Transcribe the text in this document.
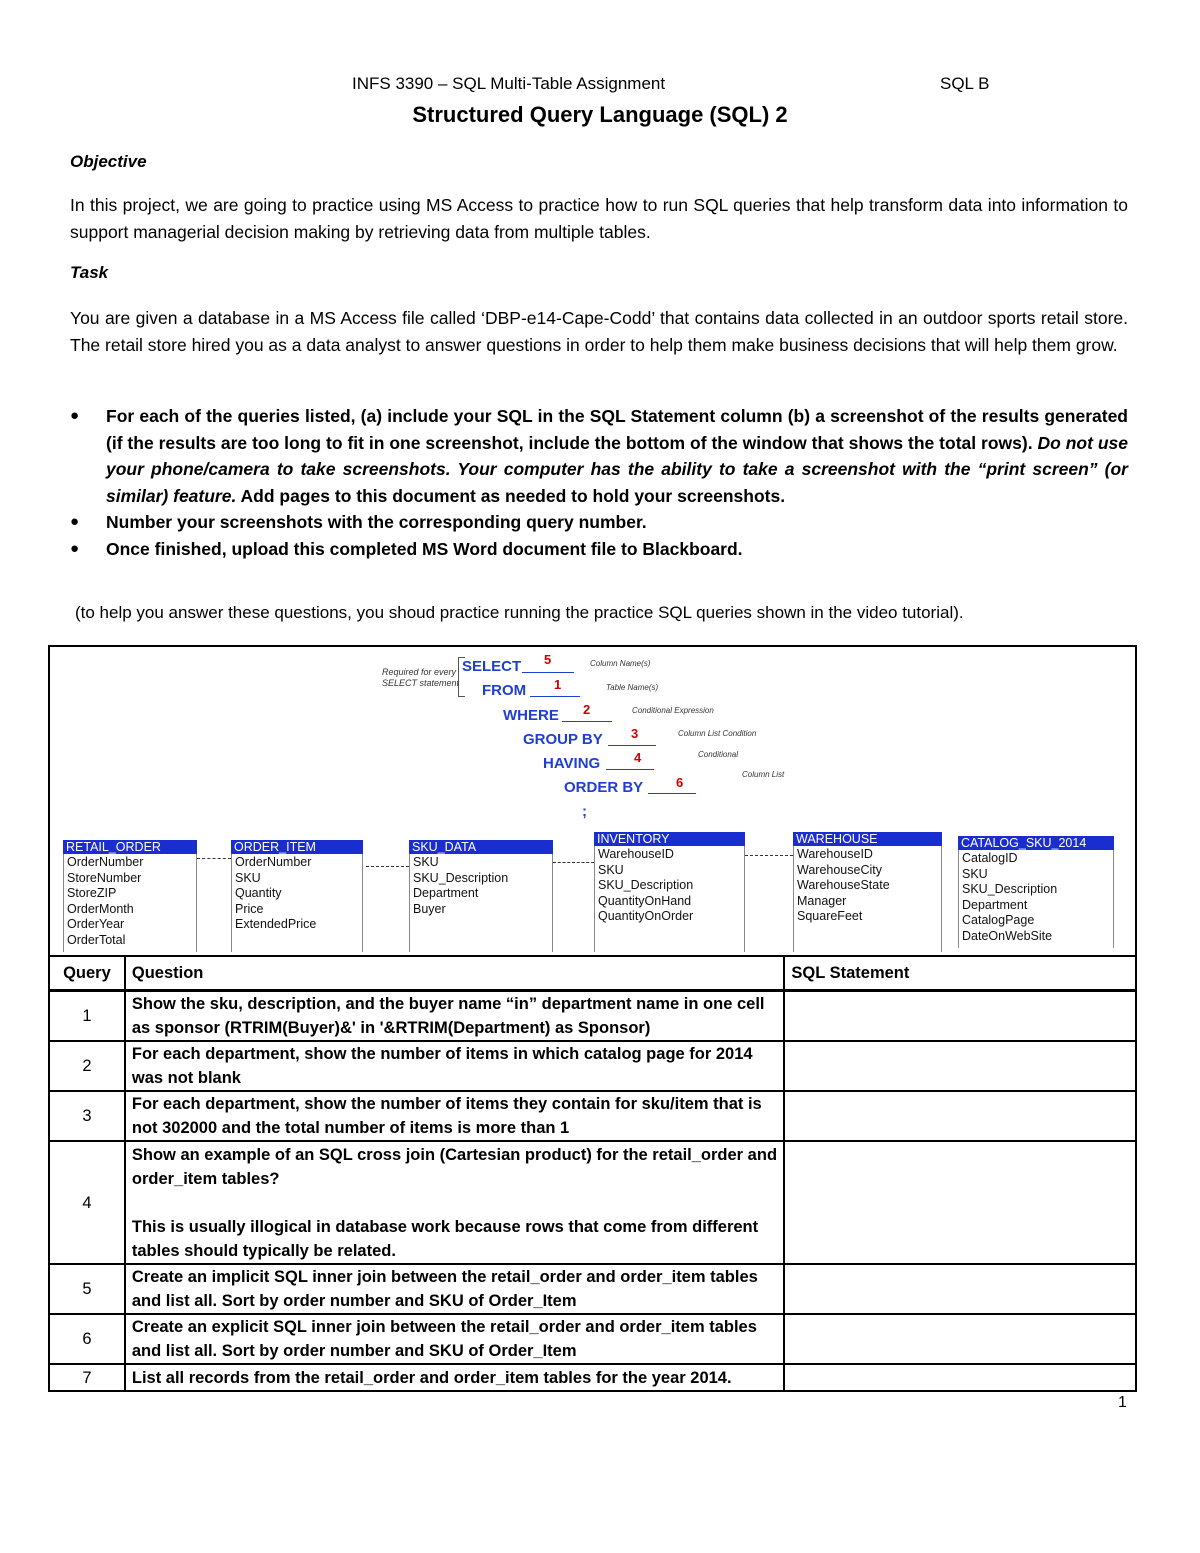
INFS 3390 – SQL Multi-Table Assignment	SQL B
Structured Query Language (SQL) 2
Objective
In this project, we are going to practice using MS Access to practice how to run SQL queries that help transform data into information to support managerial decision making by retrieving data from multiple tables.
Task
You are given a database in a MS Access file called ‘DBP-e14-Cape-Codd’ that contains data collected in an outdoor sports retail store. The retail store hired you as a data analyst to answer questions in order to help them make business decisions that will help them grow.
● For each of the queries listed, (a) include your SQL in the SQL Statement column (b) a screenshot of the results generated (if the results are too long to fit in one screenshot, include the bottom of the window that shows the total rows). Do not use your phone/camera to take screenshots. Your computer has the ability to take a screenshot with the “print screen” (or similar) feature. Add pages to this document as needed to hold your screenshots.
● Number your screenshots with the corresponding query number.
● Once finished, upload this completed MS Word document file to Blackboard.
(to help you answer these questions, you shoud practice running the practice SQL queries shown in the video tutorial).
Required for every
SELECT statement
SELECT 5	Column Name(s)
FROM 1	Table Name(s)
WHERE 2	Conditional Expression
GROUP BY 3	Column List Condition
HAVING	4	Conditional
ORDER BY	6
Column List
;
RETAIL_ORDER
OrderNumber
StoreNumber
StoreZIP
OrderMonth
OrderYear
OrderTotal
ORDER_ITEM
OrderNumber
SKU
Quantity
Price
ExtendedPrice
SKU_DATA
SKU
SKU_Description
Department
Buyer
INVENTORY
WarehouseID
SKU
SKU_Description
QuantityOnHand
QuantityOnOrder
WAREHOUSE
WarehouseID
WarehouseCity
WarehouseState
Manager
SquareFeet
CATALOG_SKU_2014
CatalogID
SKU
SKU_Description
Department
CatalogPage
DateOnWebSite
Query	Question	SQL Statement
1	Show the sku, description, and the buyer name “in” department name in one cell as sponsor (RTRIM(Buyer)&' in '&RTRIM(Department) as Sponsor)	
2	For each department, show the number of items in which catalog page for 2014 was not blank	
3	For each department, show the number of items they contain for sku/item that is not 302000 and the total number of items is more than 1	
4	Show an example of an SQL cross join (Cartesian product) for the retail_order and order_item tables?
This is usually illogical in database work because rows that come from different tables should typically be related.	

5	Create an implicit SQL inner join between the retail_order and order_item tables and list all. Sort by order number and SKU of Order_Item	
6	Create an explicit SQL inner join between the retail_order and order_item tables and list all. Sort by order number and SKU of Order_Item	
7	List all records from the retail_order and order_item tables for the year 2014.	
1
